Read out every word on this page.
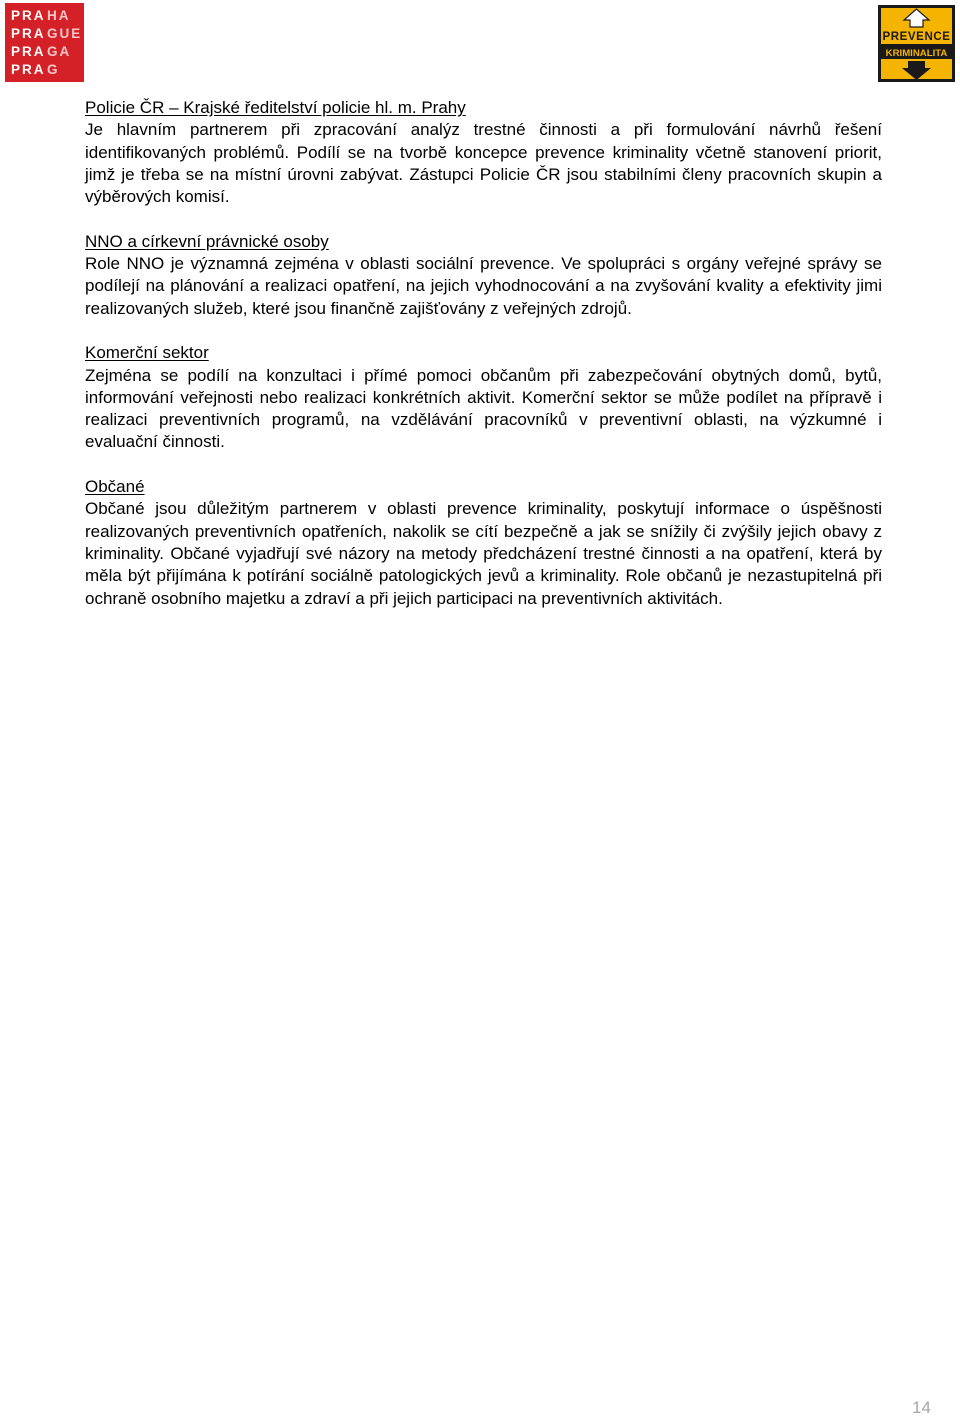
PRA HA
PRA GUE
PRA GA
PRA G
PREVENCE
KRIMINALITA
Policie ČR – Krajské ředitelství policie hl. m. Prahy

Je hlavním partnerem při zpracování analýz trestné činnosti a při formulování návrhů řešení identifikovaných problémů. Podílí se na tvorbě koncepce prevence kriminality včetně stanovení priorit, jimž je třeba se na místní úrovni zabývat. Zástupci Policie ČR jsou stabilními členy pracovních skupin a výběrových komisí.

NNO a církevní právnické osoby

Role NNO je významná zejména v oblasti sociální prevence. Ve spolupráci s orgány veřejné správy se podílejí na plánování a realizaci opatření, na jejich vyhodnocování a na zvyšování kvality a efektivity jimi realizovaných služeb, které jsou finančně zajišťovány z veřejných zdrojů.

Komerční sektor

Zejména se podílí na konzultaci i přímé pomoci občanům při zabezpečování obytných domů, bytů, informování veřejnosti nebo realizaci konkrétních aktivit. Komerční sektor se může podílet na přípravě i realizaci preventivních programů, na vzdělávání pracovníků v preventivní oblasti, na výzkumné i evaluační činnosti.

Občané

Občané jsou důležitým partnerem v oblasti prevence kriminality, poskytují informace o úspěšnosti realizovaných preventivních opatřeních, nakolik se cítí bezpečně a jak se snížily či zvýšily jejich obavy z kriminality. Občané vyjadřují své názory na metody předcházení trestné činnosti a na opatření, která by měla být přijímána k potírání sociálně patologických jevů a kriminality. Role občanů je nezastupitelná při ochraně osobního majetku a zdraví a při jejich participaci na preventivních aktivitách.

14
